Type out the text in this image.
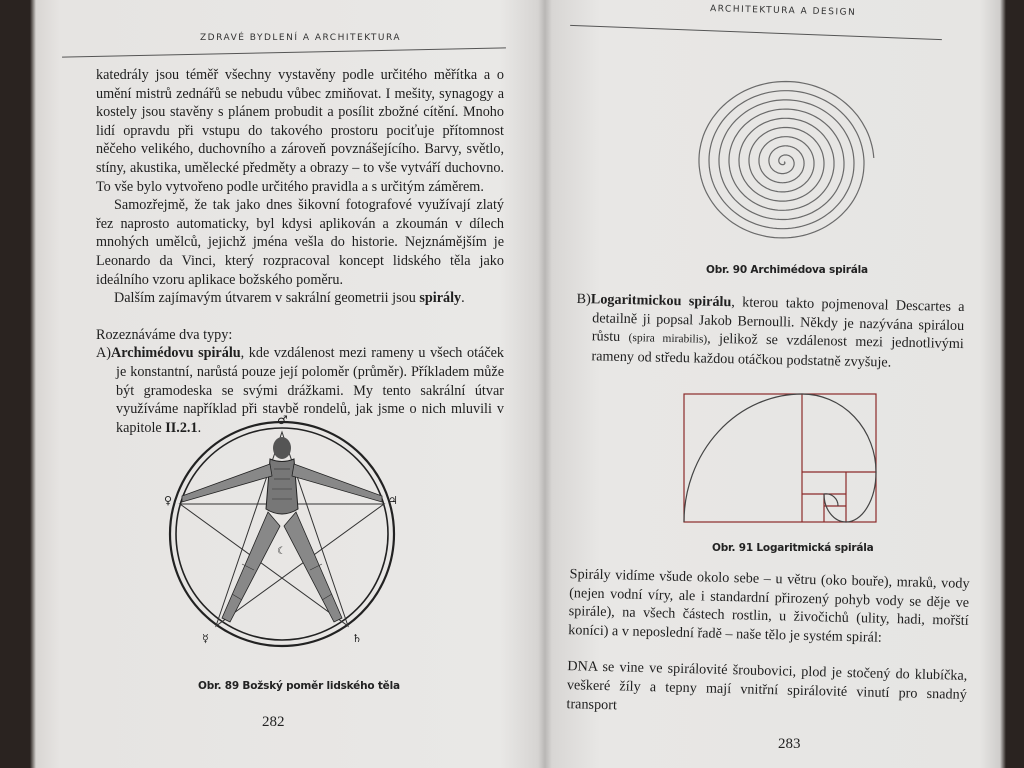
ZDRAVÉ BYDLENÍ A ARCHITEKTURA

katedrály jsou téměř všechny vystavěny podle určitého měřítka a o umění mistrů zednářů se nebudu vůbec zmiňovat. I mešity, synagogy a kostely jsou stavěny s plánem probudit a posílit zbožné cítění. Mnoho lidí opravdu při vstupu do takového prostoru pociťuje přítomnost něčeho velikého, duchovního a zároveň povznášejícího. Barvy, světlo, stíny, akustika, umělecké předměty a obrazy – to vše vytváří duchovno. To vše bylo vytvořeno podle určitého pravidla a s určitým záměrem.

Samozřejmě, že tak jako dnes šikovní fotografové využívají zlatý řez naprosto automaticky, byl kdysi aplikován a zkoumán v dílech mnohých umělců, jejichž jména vešla do historie. Nejznámějším je Leonardo da Vinci, který rozpracoval koncept lidského těla jako ideálního vzoru aplikace božského poměru.

Dalším zajímavým útvarem v sakrální geometrii jsou spirály.

Rozeznáváme dva typy:

A)Archimédovu spirálu, kde vzdálenost mezi rameny u všech otáček je konstantní, narůstá pouze její poloměr (průměr). Příkladem může být gramodeska se svými drážkami. My tento sakrální útvar využíváme například při stavbě rondelů, jak jsme o nich mluvili v kapitole II.2.1.	♂
♀	♃
☿	♄
☾
Obr. 89 Božský poměr lidského těla
282
ARCHITEKTURA A DESIGN
Obr. 90 Archimédova spirála

B)Logaritmickou spirálu, kterou takto pojmenoval Descartes a detailně ji popsal Jakob Bernoulli. Někdy je nazývána spirálou růstu (spira mirabilis), jelikož se vzdálenost mezi jednotlivými rameny od středu každou otáčkou podstatně zvyšuje.

Obr. 91 Logaritmická spirála

Spirály vidíme všude okolo sebe – u větru (oko bouře), mraků, vody (nejen vodní víry, ale i standardní přirozený pohyb vody se děje ve spirále), na všech částech rostlin, u živočichů (ulity, hadi, mořští koníci) a v neposlední řadě – naše tělo je systém spirál:

DNA se vine ve spirálovité šroubovici, plod je stočený do klubíčka, veškeré žíly a tepny mají vnitřní spirálovité vinutí pro snadný transport

283
